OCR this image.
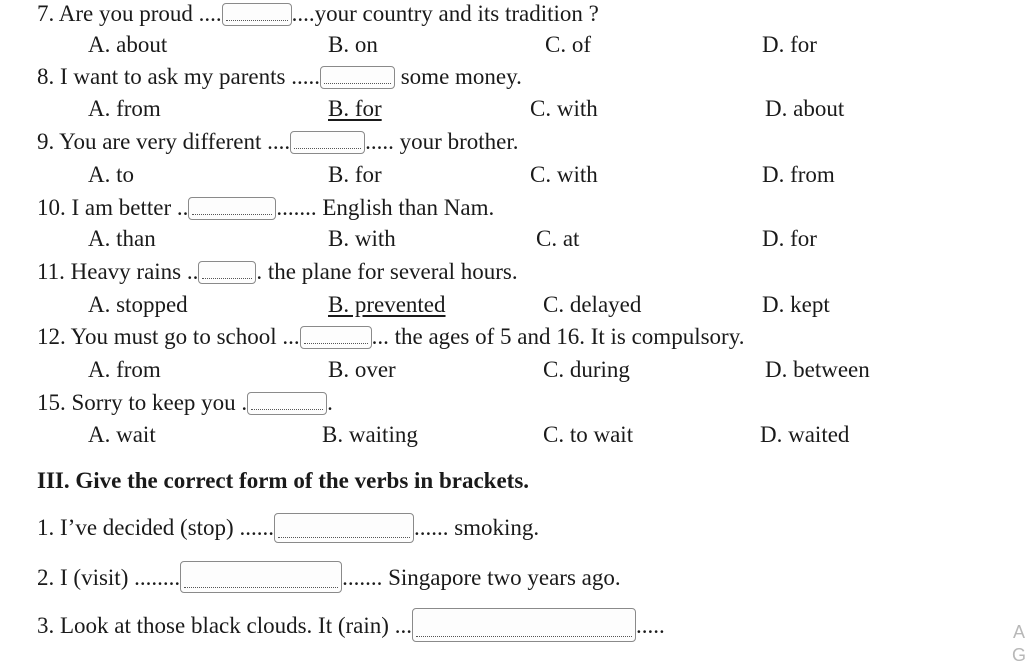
7. Are you proud ....	....your country and its tradition ?
A. about	B. on	C. of	D. for
8. I want to ask my parents .....	some money.
A. from	B. for	C. with	D. about
9. You are very different ....	..... your brother.
A. to	B. for	C. with	D. from
10. I am better ..	....... English than Nam.
A. than	B. with	C. at	D. for
11. Heavy rains ..	. the plane for several hours.
A. stopped	B. prevented	C. delayed	D. kept
12. You must go to school ...	... the ages of 5 and 16. It is compulsory.
A. from	B. over	C. during	D. between
15. Sorry to keep you .	.
A. wait	B. waiting	C. to wait	D. waited
III. Give the correct form of the verbs in brackets.
1. I’ve decided (stop) ......	...... smoking.
2. I (visit) ........	....... Singapore two years ago.
3. Look at those black clouds. It (rain) ...	.....	A
G
